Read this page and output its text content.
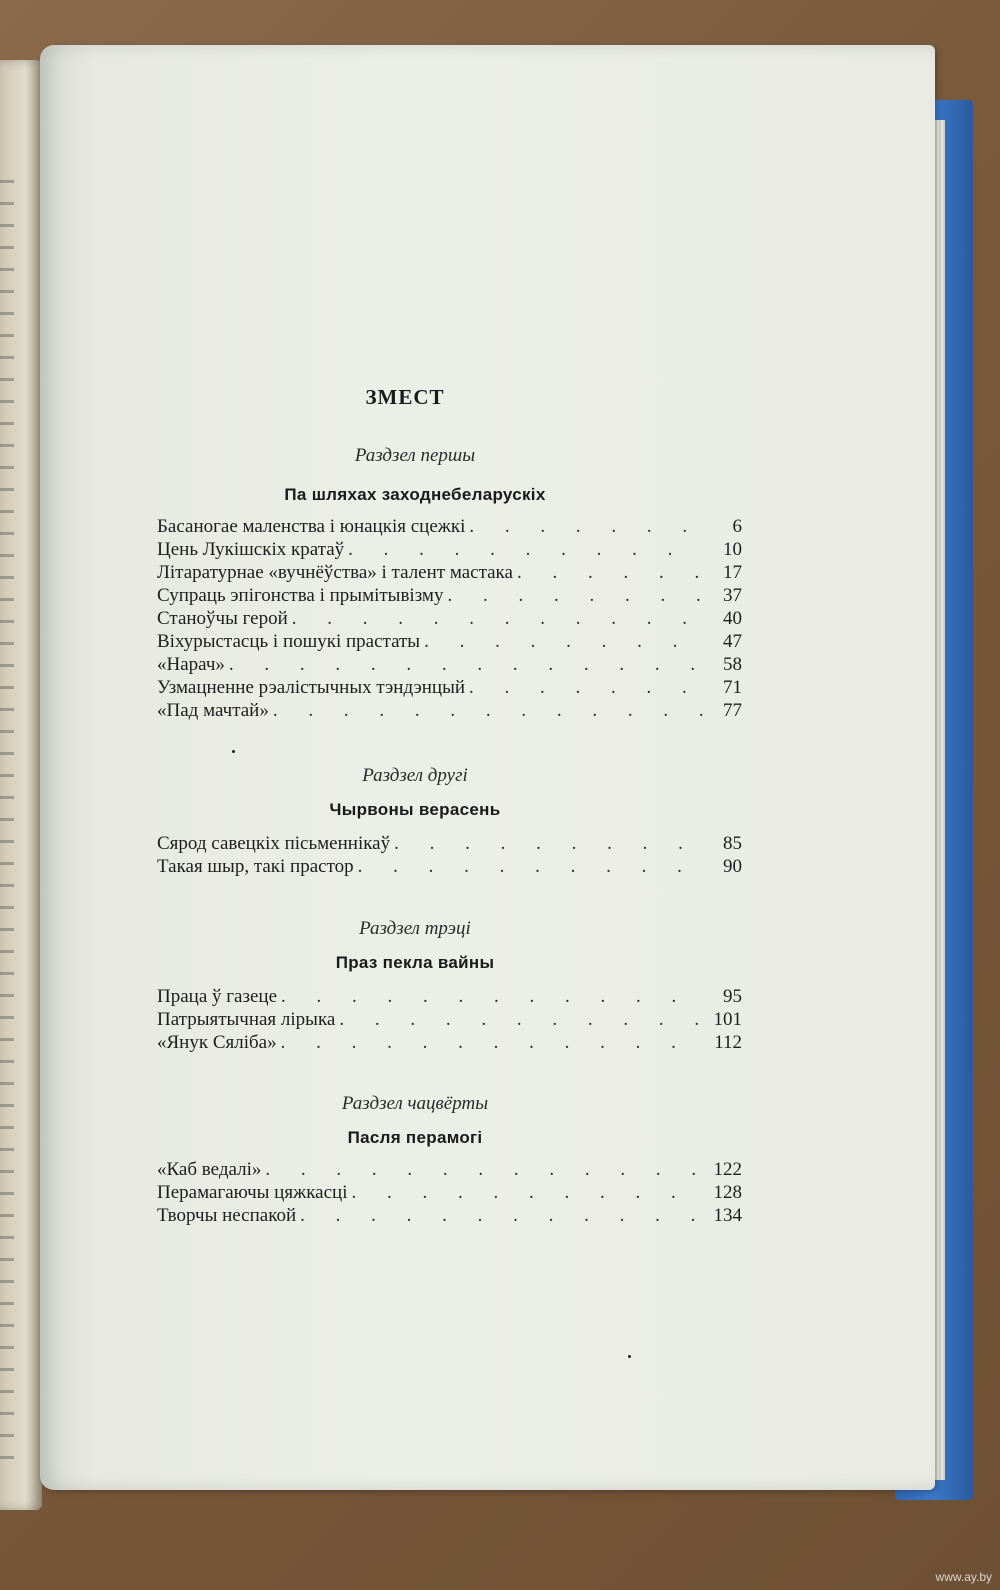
ЗМЕСТ
Раздзел першы
Па шляхах заходнебеларускіх
Басаногае маленства і юнацкія сцежкі . . .	6
Цень Лукішскіх кратаў . . .	10
Літаратурнае «вучнёўства» і талент мастака . . .	17
Супраць эпігонства і прымітывізму . . .	37
Станоўчы герой . . .	40
Віхурыстасць і пошукі прастаты . . .	47
«Нарач» . . .	58
Узмацненне рэалістычных тэндэнцый . . .	71
«Пад мачтай» . . .	77
Раздзел другі
Чырвоны верасень
Сярод савецкіх пісьменнікаў . . .	85
Такая шыр, такі прастор . . .	90
Раздзел трэці
Праз пекла вайны
Праца ў газеце . . .	95
Патрыятычная лірыка . . .	101
«Янук Сяліба» . . .	112
Раздзел чацвёрты
Пасля перамогі
«Каб ведалі» . . .	122
Перамагаючы цяжкасці . . .	128
Творчы неспакой . . .	134
www.ay.by
